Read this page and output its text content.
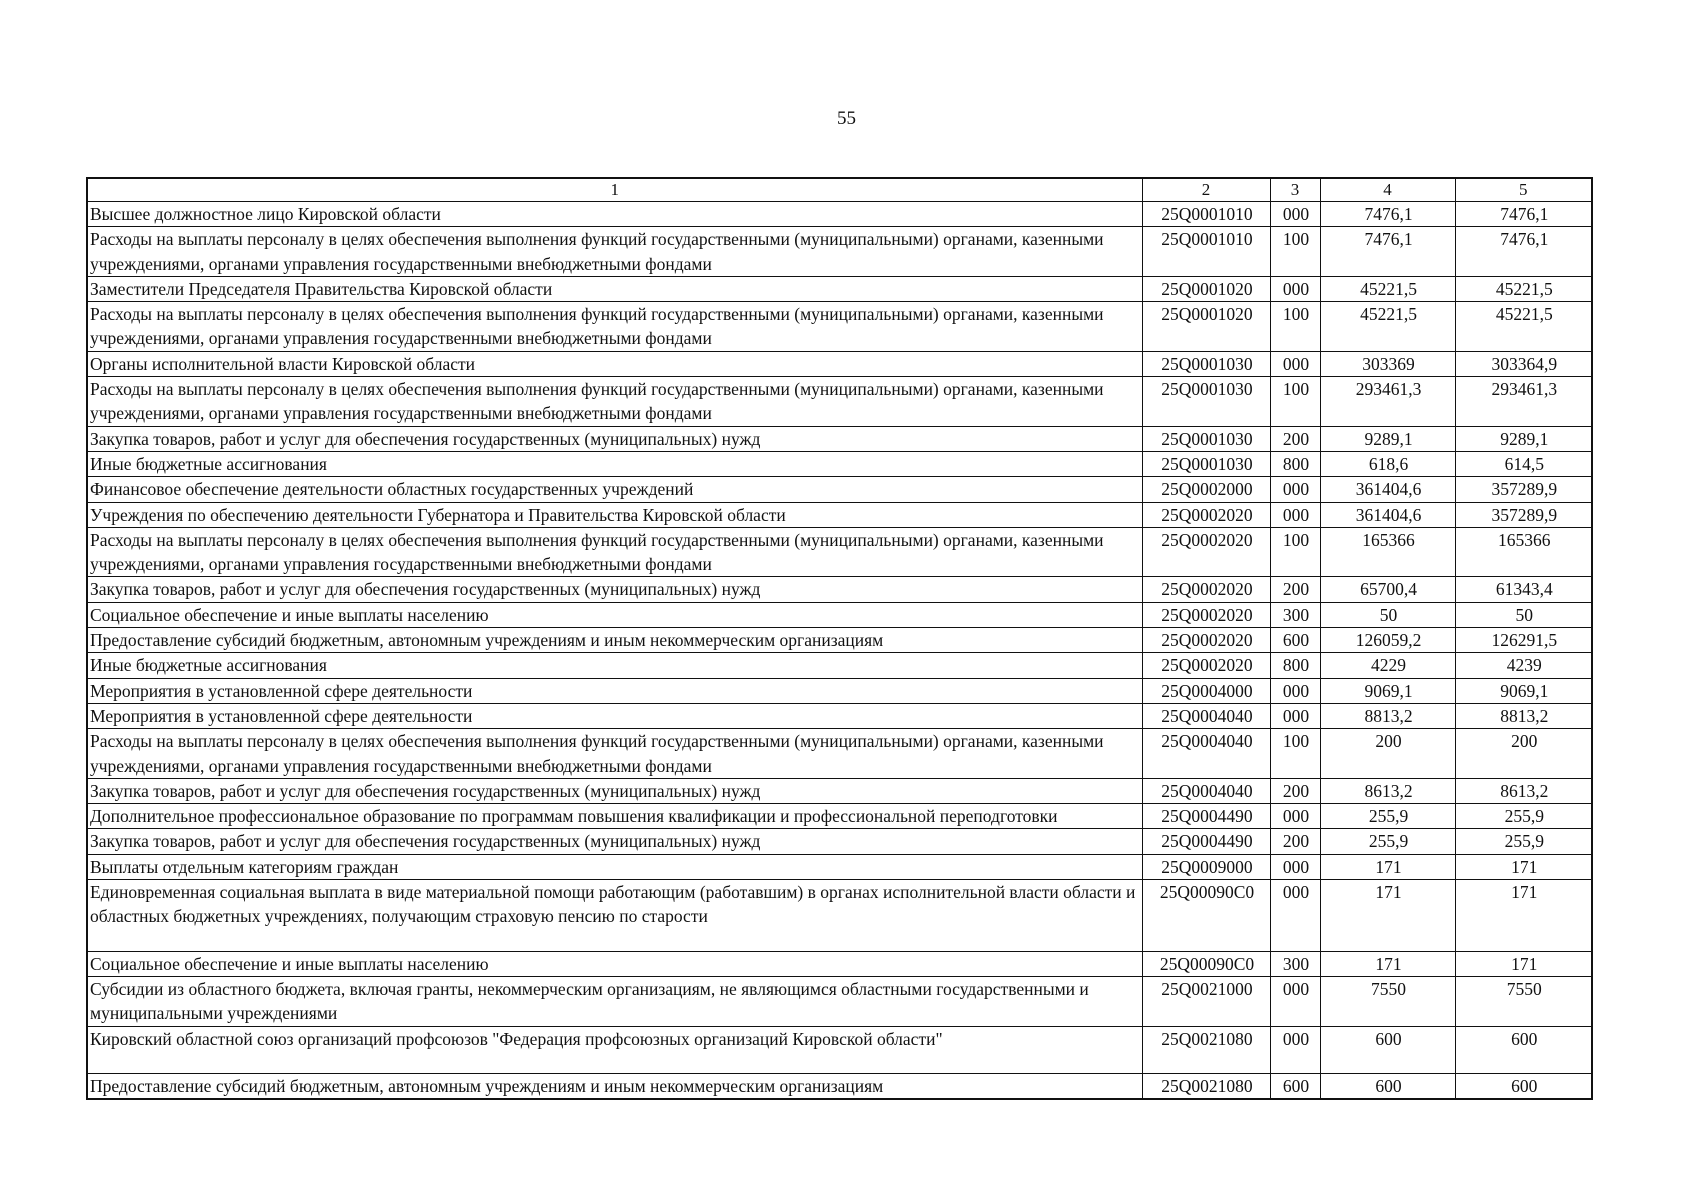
55
1	2	3	4	5
Высшее должностное лицо Кировской области	25Q0001010	000	7476,1	7476,1
Расходы на выплаты персоналу в целях обеспечения выполнения функций государственными (муниципальными) органами, казенными учреждениями, органами управления государственными внебюджетными фондами	25Q0001010	100	7476,1	7476,1
Заместители Председателя Правительства Кировской области	25Q0001020	000	45221,5	45221,5
Расходы на выплаты персоналу в целях обеспечения выполнения функций государственными (муниципальными) органами, казенными учреждениями, органами управления государственными внебюджетными фондами	25Q0001020	100	45221,5	45221,5
Органы исполнительной власти Кировской области	25Q0001030	000	303369	303364,9
Расходы на выплаты персоналу в целях обеспечения выполнения функций государственными (муниципальными) органами, казенными учреждениями, органами управления государственными внебюджетными фондами	25Q0001030	100	293461,3	293461,3
Закупка товаров, работ и услуг для обеспечения государственных (муниципальных) нужд	25Q0001030	200	9289,1	9289,1
Иные бюджетные ассигнования	25Q0001030	800	618,6	614,5
Финансовое обеспечение деятельности областных государственных учреждений	25Q0002000	000	361404,6	357289,9
Учреждения по обеспечению деятельности Губернатора и Правительства Кировской области	25Q0002020	000	361404,6	357289,9
Расходы на выплаты персоналу в целях обеспечения выполнения функций государственными (муниципальными) органами, казенными учреждениями, органами управления государственными внебюджетными фондами	25Q0002020	100	165366	165366
Закупка товаров, работ и услуг для обеспечения государственных (муниципальных) нужд	25Q0002020	200	65700,4	61343,4
Социальное обеспечение и иные выплаты населению	25Q0002020	300	50	50
Предоставление субсидий бюджетным, автономным учреждениям и иным некоммерческим организациям	25Q0002020	600	126059,2	126291,5
Иные бюджетные ассигнования	25Q0002020	800	4229	4239
Мероприятия в установленной сфере деятельности	25Q0004000	000	9069,1	9069,1
Мероприятия в установленной сфере деятельности	25Q0004040	000	8813,2	8813,2
Расходы на выплаты персоналу в целях обеспечения выполнения функций государственными (муниципальными) органами, казенными учреждениями, органами управления государственными внебюджетными фондами	25Q0004040	100	200	200
Закупка товаров, работ и услуг для обеспечения государственных (муниципальных) нужд	25Q0004040	200	8613,2	8613,2
Дополнительное профессиональное образование по программам повышения квалификации и профессиональной переподготовки	25Q0004490	000	255,9	255,9
Закупка товаров, работ и услуг для обеспечения государственных (муниципальных) нужд	25Q0004490	200	255,9	255,9
Выплаты отдельным категориям граждан	25Q0009000	000	171	171
Единовременная социальная выплата в виде материальной помощи работающим (работавшим) в органах исполнительной власти области и областных бюджетных учреждениях, получающим страховую пенсию по старости	25Q00090C0	000	171	171
Социальное обеспечение и иные выплаты населению	25Q00090C0	300	171	171
Субсидии из областного бюджета, включая гранты, некоммерческим организациям, не являющимся областными государственными и муниципальными учреждениями	25Q0021000	000	7550	7550
Кировский областной союз организаций профсоюзов "Федерация профсоюзных организаций Кировской области"	25Q0021080	000	600	600
Предоставление субсидий бюджетным, автономным учреждениям и иным некоммерческим организациям	25Q0021080	600	600	600
